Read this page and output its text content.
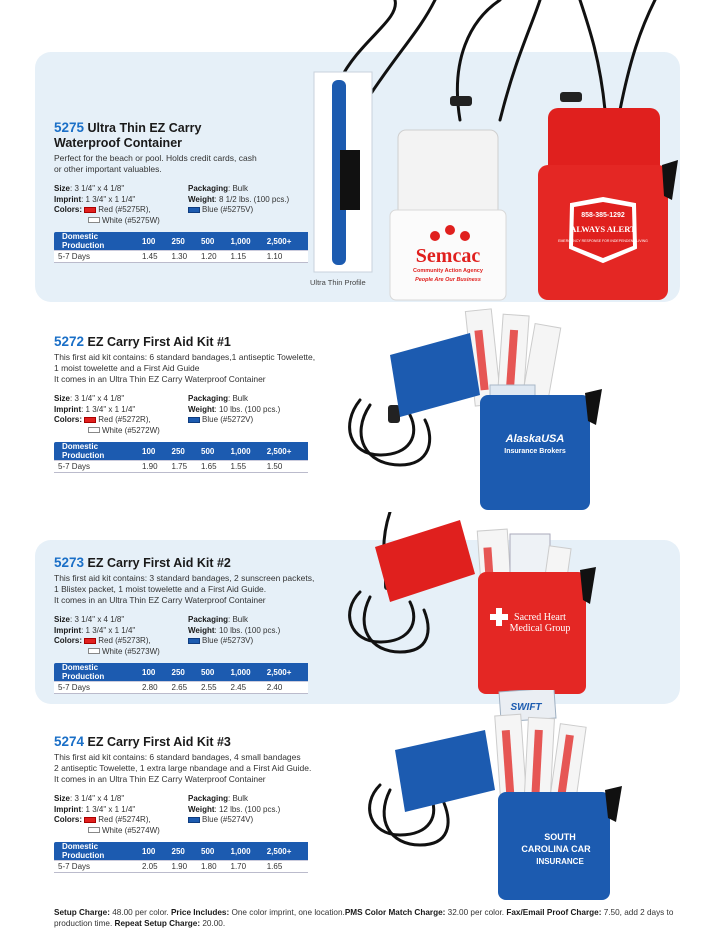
5275 Ultra Thin EZ Carry
Waterproof Container
Perfect for the beach or pool. Holds credit cards, cash
or other important valuables.
Size: 3 1/4" x 4 1/8"
Imprint: 1 3/4" x 1 1/4"
Colors: Red (#5275R),
White (#5275W)
Packaging: Bulk
Weight: 8 1/2 lbs. (100 pcs.)
Blue (#5275V)
Domestic Production	100	250	500	1,000	2,500+
5-7 Days	1.45	1.30	1.20	1.15	1.10	Semcac
Community Action Agency
People Are Our Business
858-385-1292
ALWAYS ALERT
EMERGENCY RESPONSE FOR INDEPENDENT LIVING
Ultra Thin Profile
5272 EZ Carry First Aid Kit #1
This first aid kit contains: 6 standard bandages,1 antiseptic Towelette,
1 moist towelette and a First Aid Guide
It comes in an Ultra Thin EZ Carry Waterproof Container
Size: 3 1/4" x 4 1/8"
Imprint: 1 3/4" x 1 1/4"
Colors: Red (#5272R),
White (#5272W)
Packaging: Bulk
Weight: 10 lbs. (100 pcs.)
Blue (#5272V)
Domestic Production	100	250	500	1,000	2,500+
5-7 Days	1.90	1.75	1.65	1.55	1.50
AlaskaUSA
Insurance Brokers
5273 EZ Carry First Aid Kit #2
This first aid kit contains: 3 standard bandages, 2 sunscreen packets,
1 Blistex packet, 1 moist towelette and a First Aid Guide.
It comes in an Ultra Thin EZ Carry Waterproof Container
Size: 3 1/4" x 4 1/8"
Imprint: 1 3/4" x 1 1/4"
Colors: Red (#5273R),
White (#5273W)
Packaging: Bulk
Weight: 10 lbs. (100 pcs.)
Blue (#5273V)
Domestic Production	100	250	500	1,000	2,500+
5-7 Days	2.80	2.65	2.55	2.45	2.40
Sacred Heart
Medical Group
5274 EZ Carry First Aid Kit #3
This first aid kit contains: 6 standard bandages, 4 small bandages
2 antiseptic Towelette, 1 extra large nbandage and a First Aid Guide.
It comes in an Ultra Thin EZ Carry Waterproof Container
Size: 3 1/4" x 4 1/8"
Imprint: 1 3/4" x 1 1/4"
Colors: Red (#5274R),
White (#5274W)
Packaging: Bulk
Weight: 12 lbs. (100 pcs.)
Blue (#5274V)
Domestic Production	100	250	500	1,000	2,500+
5-7 Days	2.05	1.90	1.80	1.70	1.65
SWIFT
SOUTH
CAROLINA CAR
INSURANCE
Setup Charge: 48.00 per color. Price Includes: One color imprint, one location.PMS Color Match Charge: 32.00 per color. Fax/Email Proof Charge: 7.50, add 2 days to production time. Repeat Setup Charge: 20.00.
